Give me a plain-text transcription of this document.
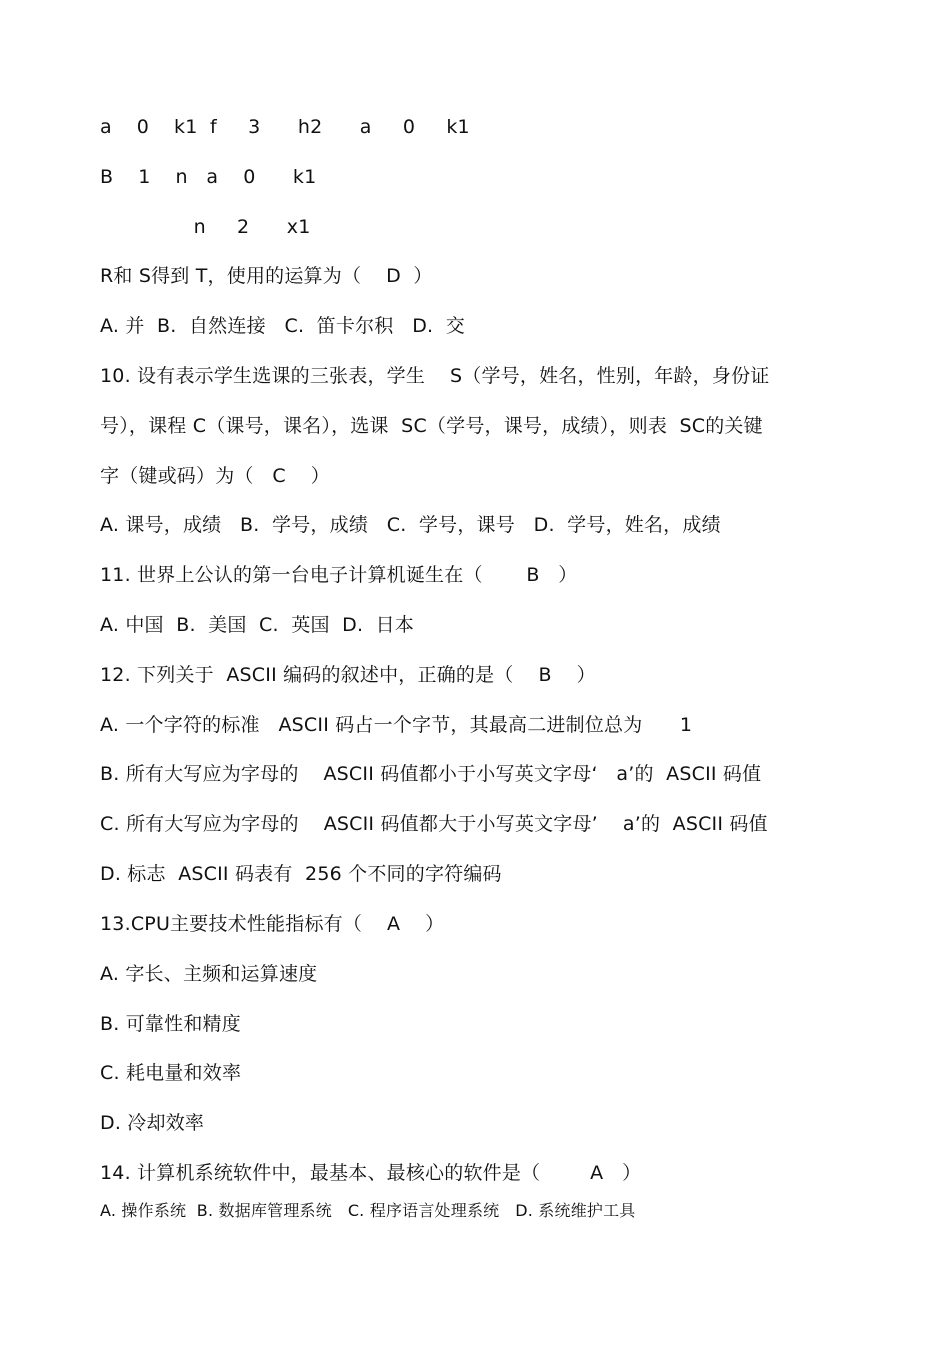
a    0    k1  f     3      h2      a     0     k1
B    1    n   a    0      k1
n     2      x1
R和 S得到 T，使用的运算为（    D  ）
A. 并  B.  自然连接   C.  笛卡尔积   D.  交
10. 设有表示学生选课的三张表，学生    S（学号，姓名，性别，年龄，身份证
号），课程 C（课号，课名），选课  SC（学号，课号，成绩），则表  SC的关键
字（键或码）为（   C    ）
A. 课号，成绩   B.  学号，成绩   C.  学号，课号   D.  学号，姓名，成绩
11. 世界上公认的第一台电子计算机诞生在（       B   ）
A. 中国  B.  美国  C.  英国  D.  日本
12. 下列关于  ASCII 编码的叙述中，正确的是（    B    ）
A. 一个字符的标准   ASCII 码占一个字节，其最高二进制位总为      1
B. 所有大写应为字母的    ASCII 码值都小于小写英文字母‘   a’的  ASCII 码值
C. 所有大写应为字母的    ASCII 码值都大于小写英文字母’    a’的  ASCII 码值
D. 标志  ASCII 码表有  256 个不同的字符编码
13.CPU主要技术性能指标有（    A    ）
A. 字长、主频和运算速度
B. 可靠性和精度
C. 耗电量和效率
D. 冷却效率
14. 计算机系统软件中，最基本、最核心的软件是（        A   ）
A. 操作系统  B. 数据库管理系统   C. 程序语言处理系统   D. 系统维护工具
